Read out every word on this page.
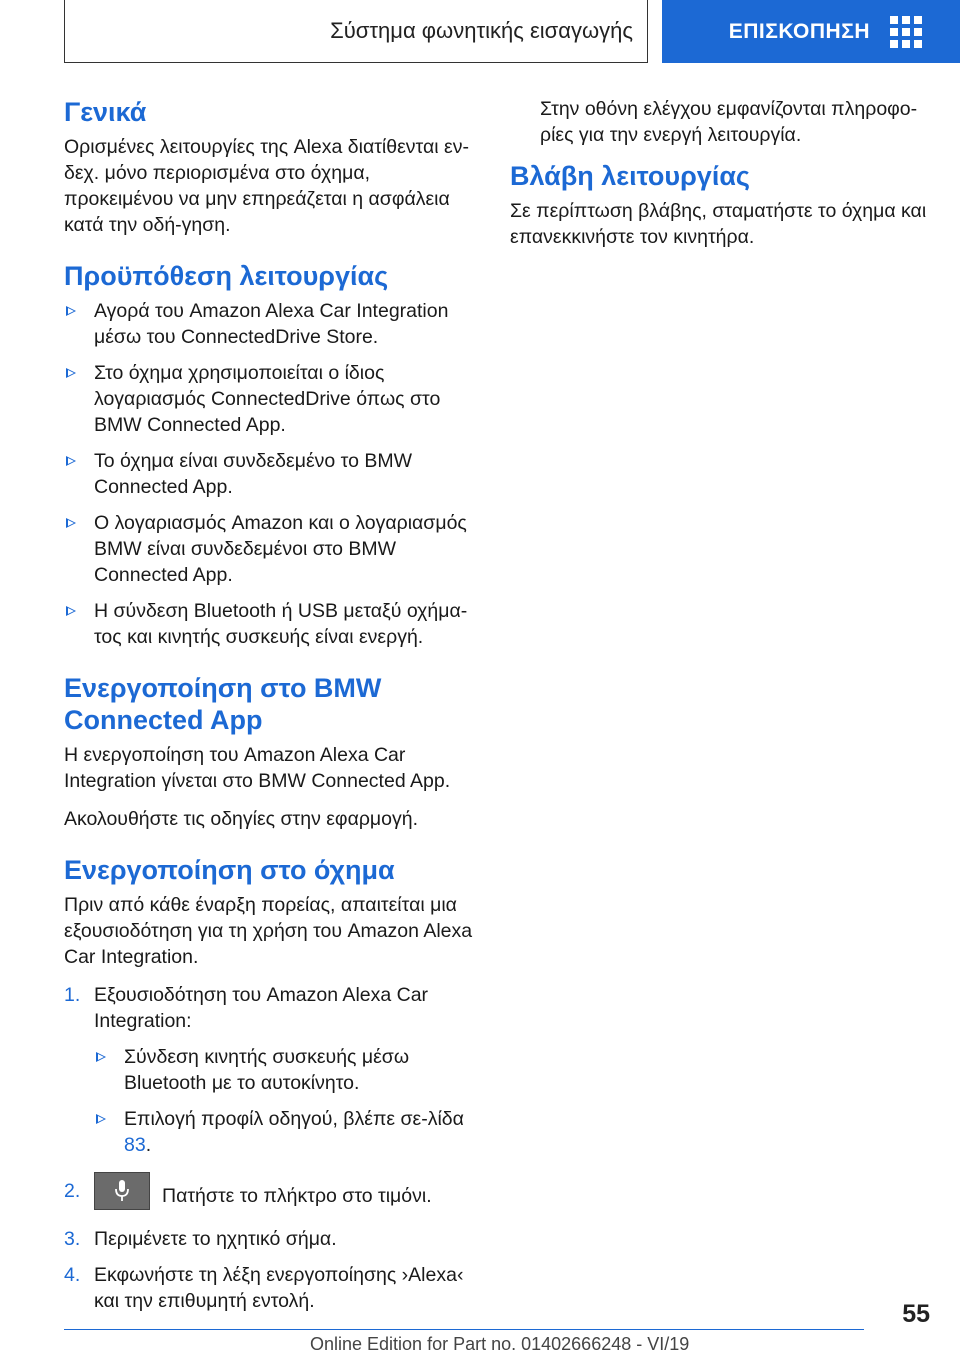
Σύστημα φωνητικής εισαγωγής	ΕΠΙΣΚΟΠΗΣΗ
Γενικά

Ορισμένες λειτουργίες της Alexa διατίθενται εν-δεχ. μόνο περιορισμένα στο όχημα, προκειμένου να μην επηρεάζεται η ασφάλεια κατά την οδή-γηση.

Προϋπόθεση λειτουργίας
Αγορά του Amazon Alexa Car Integration μέσω του ConnectedDrive Store.
Στο όχημα χρησιμοποιείται ο ίδιος λογαριασμός ConnectedDrive όπως στο BMW Connected App.
Το όχημα είναι συνδεδεμένο το BMW Connected App.
Ο λογαριασμός Amazon και ο λογαριασμός BMW είναι συνδεδεμένοι στο BMW Connected App.
Η σύνδεση Bluetooth ή USB μεταξύ οχήμα-τος και κινητής συσκευής είναι ενεργή.
Ενεργοποίηση στο BMW Connected App

Η ενεργοποίηση του Amazon Alexa Car Integration γίνεται στο BMW Connected App.

Ακολουθήστε τις οδηγίες στην εφαρμογή.

Ενεργοποίηση στο όχημα

Πριν από κάθε έναρξη πορείας, απαιτείται μια εξουσιοδότηση για τη χρήση του Amazon Alexa Car Integration.

1. Εξουσιοδότηση του Amazon Alexa Car Integration:
Σύνδεση κινητής συσκευής μέσω Bluetooth με το αυτοκίνητο.
Επιλογή προφίλ οδηγού, βλέπε σε-λίδα 83.
2.	Πατήστε το πλήκτρο στο τιμόνι.
3. Περιμένετε το ηχητικό σήμα.
4. Εκφωνήστε τη λέξη ενεργοποίησης ›Alexa‹ και την επιθυμητή εντολή.

Στην οθόνη ελέγχου εμφανίζονται πληροφο-ρίες για την ενεργή λειτουργία.

Βλάβη λειτουργίας

Σε περίπτωση βλάβης, σταματήστε το όχημα και επανεκκινήστε τον κινητήρα.

55
Online Edition for Part no. 01402666248 - VI/19
